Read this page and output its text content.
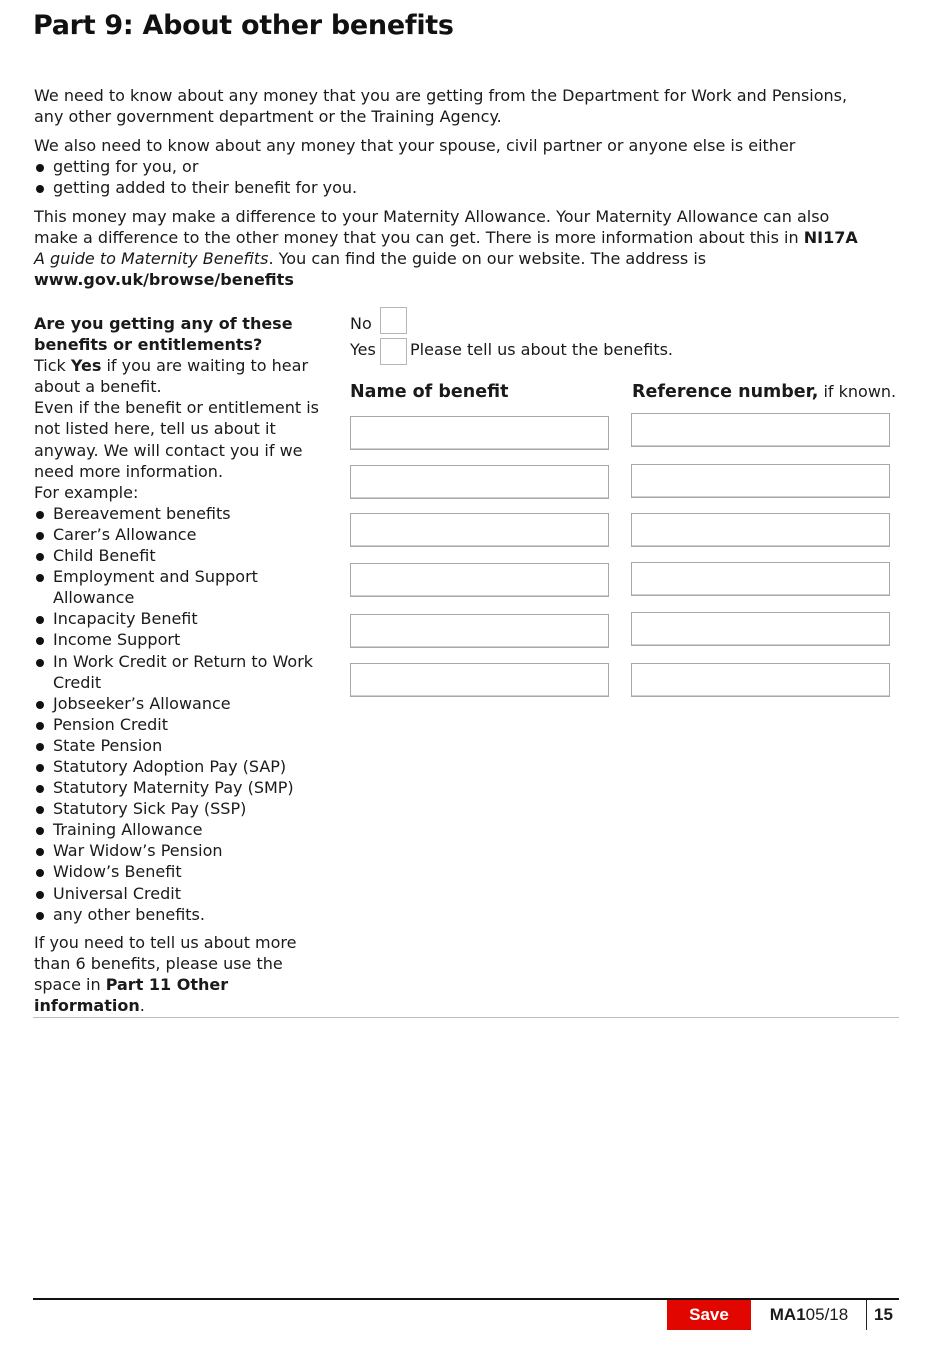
Part 9: About other benefits

We need to know about any money that you are getting from the Department for Work and Pensions, any other government department or the Training Agency.

We also need to know about any money that your spouse, civil partner or anyone else is either
getting for you, or
getting added to their benefit for you.

This money may make a difference to your Maternity Allowance. Your Maternity Allowance can also make a difference to the other money that you can get. There is more information about this in NI17A A guide to Maternity Benefits. You can find the guide on our website. The address is
www.gov.uk/browse/benefits

Are you getting any of these benefits or entitlements?

Tick Yes if you are waiting to hear about a benefit.

Even if the benefit or entitlement is not listed here, tell us about it anyway. We will contact you if we need more information.

For example:

Bereavement benefits
Carer’s Allowance
Child Benefit
Employment and Support Allowance
Incapacity Benefit
Income Support
In Work Credit or Return to Work Credit
Jobseeker’s Allowance
Pension Credit
State Pension
Statutory Adoption Pay (SAP)
Statutory Maternity Pay (SMP)
Statutory Sick Pay (SSP)
Training Allowance
War Widow’s Pension
Widow’s Benefit
Universal Credit
any other benefits.

If you need to tell us about more than 6 benefits, please use the space in Part 11 Other information.

No
Yes Please tell us about the benefits.
Name of benefit	Reference number, if known.
Save	MA1 05/18	15
